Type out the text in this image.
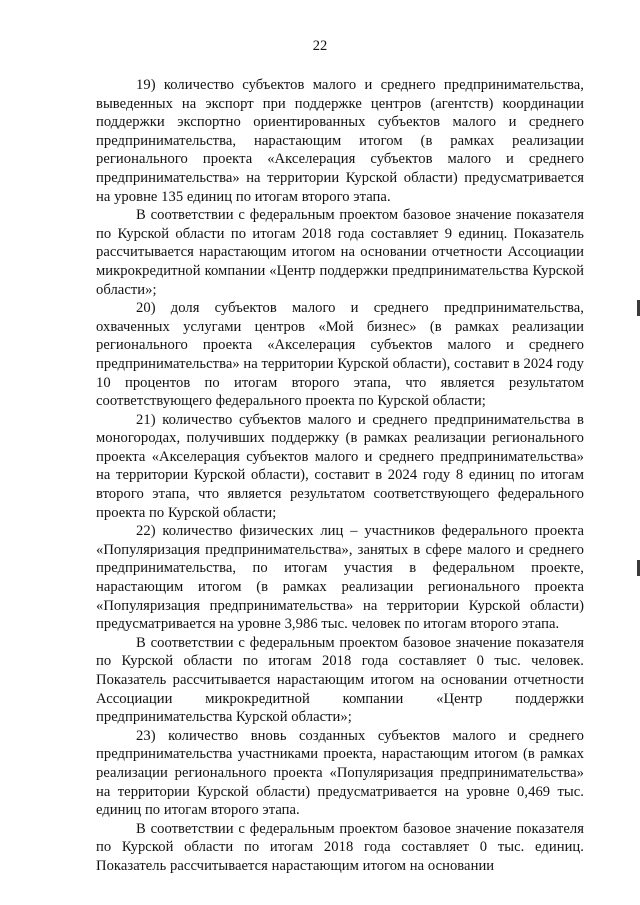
22

19) количество субъектов малого и среднего предпринимательства, выведенных на экспорт при поддержке центров (агентств) координации поддержки экспортно ориентированных субъектов малого и среднего предпринимательства, нарастающим итогом (в рамках реализации регионального проекта «Акселерация субъектов малого и среднего предпринимательства» на территории Курской области) предусматривается на уровне 135 единиц по итогам второго этапа.

В соответствии с федеральным проектом базовое значение показателя по Курской области по итогам 2018 года составляет 9 единиц. Показатель рассчитывается нарастающим итогом на основании отчетности Ассоциации микрокредитной компании «Центр поддержки предпринимательства Курской области»;

20) доля субъектов малого и среднего предпринимательства, охваченных услугами центров «Мой бизнес» (в рамках реализации регионального проекта «Акселерация субъектов малого и среднего предпринимательства» на территории Курской области), составит в 2024 году 10 процентов по итогам второго этапа, что является результатом соответствующего федерального проекта по Курской области;

21) количество субъектов малого и среднего предпринимательства в моногородах, получивших поддержку (в рамках реализации регионального проекта «Акселерация субъектов малого и среднего предпринимательства» на территории Курской области), составит в 2024 году 8 единиц по итогам второго этапа, что является результатом соответствующего федерального проекта по Курской области;

22) количество физических лиц – участников федерального проекта «Популяризация предпринимательства», занятых в сфере малого и среднего предпринимательства, по итогам участия в федеральном проекте, нарастающим итогом (в рамках реализации регионального проекта «Популяризация предпринимательства» на территории Курской области) предусматривается на уровне 3,986 тыс. человек по итогам второго этапа.

В соответствии с федеральным проектом базовое значение показателя по Курской области по итогам 2018 года составляет 0 тыс. человек. Показатель рассчитывается нарастающим итогом на основании отчетности Ассоциации микрокредитной компании «Центр поддержки предпринимательства Курской области»;

23) количество вновь созданных субъектов малого и среднего предпринимательства участниками проекта, нарастающим итогом (в рамках реализации регионального проекта «Популяризация предпринимательства» на территории Курской области) предусматривается на уровне 0,469 тыс. единиц по итогам второго этапа.

В соответствии с федеральным проектом базовое значение показателя по Курской области по итогам 2018 года составляет 0 тыс. единиц. Показатель рассчитывается нарастающим итогом на основании
